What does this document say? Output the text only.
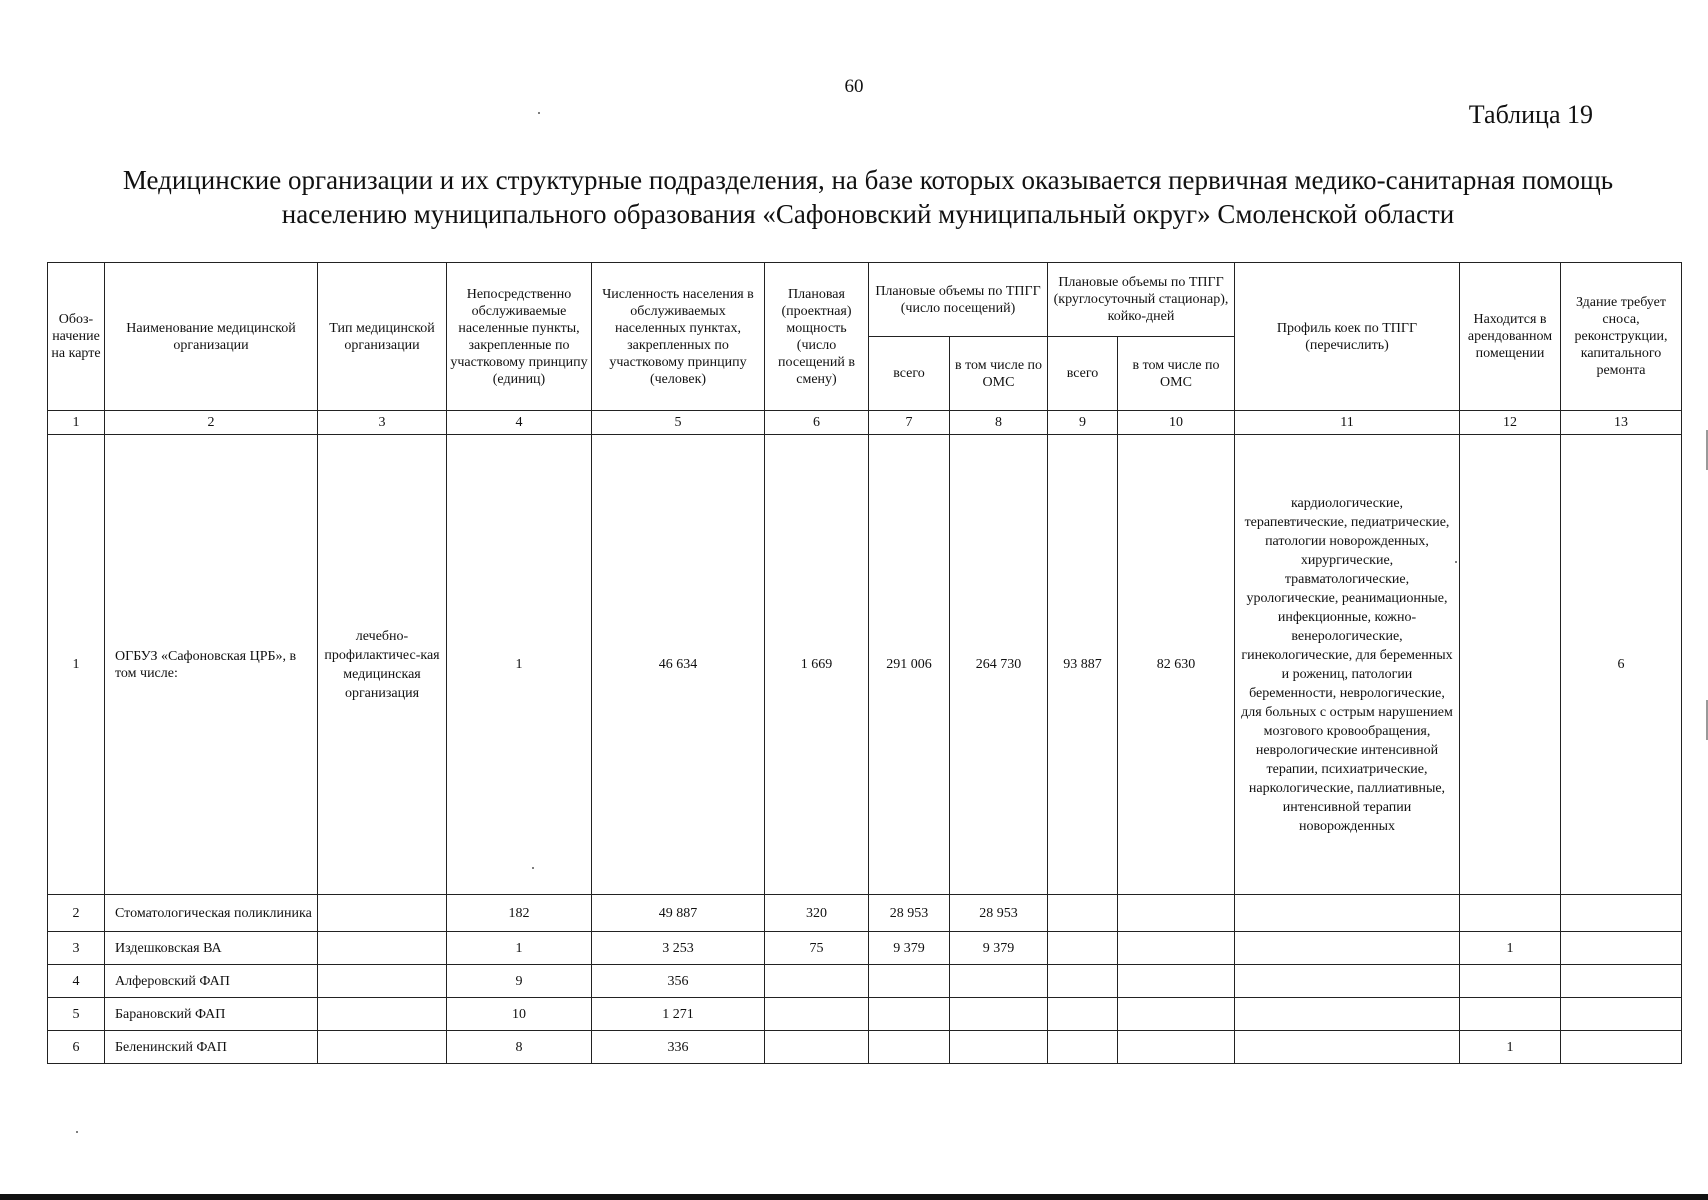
60
Таблица 19
Медицинские организации и их структурные подразделения, на базе которых оказывается первичная медико-санитарная помощь
населению муниципального образования «Сафоновский муниципальный округ» Смоленской области
Обоз-начение на карте	Наименование медицинской организации	Тип медицинской организации	Непосредственно обслуживаемые населенные пункты, закрепленные по участковому принципу (единиц)	Численность населения в обслуживаемых населенных пунктах, закрепленных по участковому принципу (человек)	Плановая (проектная) мощность (число посещений в смену)	Плановые объемы по ТПГГ (число посещений)		Плановые объемы по ТПГГ (круглосуточный стационар), койко-дней		Профиль коек по ТПГГ (перечислить)	Находится в арендованном помещении	Здание требует сноса, реконструкции, капитального ремонта
						всего	в том числе по ОМС	всего	в том числе по ОМС			
1	2	3	4	5	6	7	8	9	10	11	12	13
1	ОГБУЗ «Сафоновская ЦРБ», в том числе:	лечебно-профилактичес-кая медицинская организация	1	46 634	1 669	291 006	264 730	93 887	82 630	кардиологические, терапевтические, педиатрические, патологии новорожденных, хирургические, травматологические, урологические, реанимационные, инфекционные, кожно-венерологические, гинекологические, для беременных и рожениц, патологии беременности, неврологические, для больных с острым нарушением мозгового кровообращения, неврологические интенсивной терапии, психиатрические, наркологические, паллиативные, интенсивной терапии новорожденных		6
2	Стоматологическая поликлиника		182	49 887	320	28 953	28 953					
3	Издешковская ВА		1	3 253	75	9 379	9 379				1	
4	Алферовский ФАП		9	356								
5	Барановский ФАП		10	1 271								
6	Беленинский ФАП		8	336							1	
